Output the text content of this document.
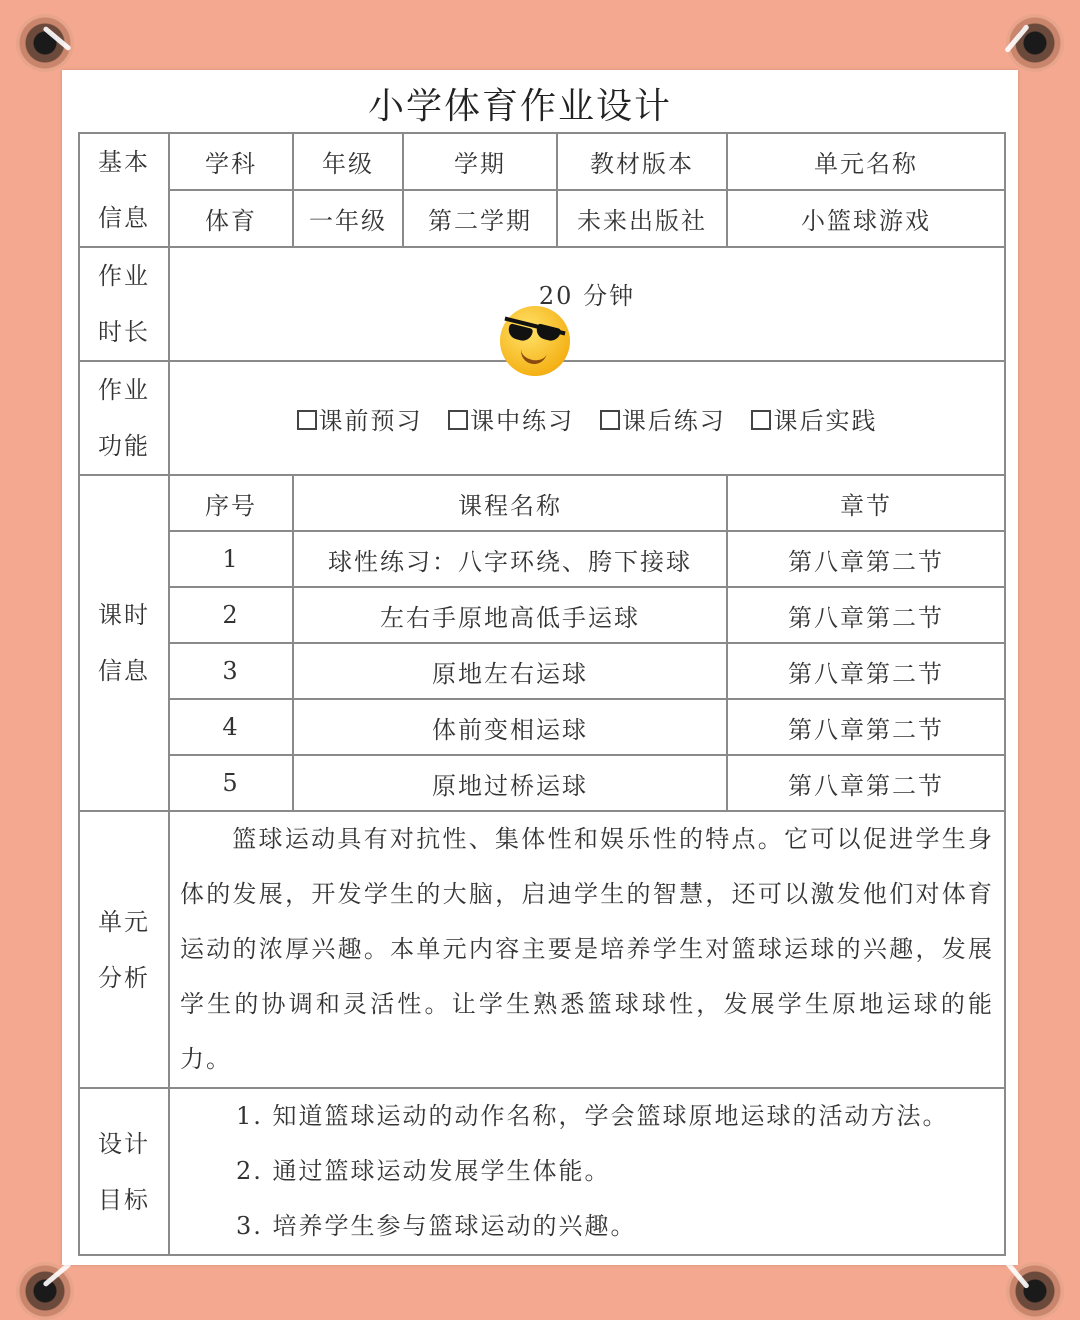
小学体育作业设计
基本
信息	学科	年级	学期	教材版本	单元名称
	体育	一年级	第二学期	未来出版社	小篮球游戏

作业
时长	20 分钟				

作业
功能	课前预习 课中练习 课后练习 课后实践				

课时
信息	序号	课程名称			章节
	1	球性练习：八字环绕、胯下接球			第八章第二节
	2	左右手原地高低手运球			第八章第二节
	3	原地左右运球			第八章第二节
	4	体前变相运球			第八章第二节
	5	原地过桥运球			第八章第二节

单元
分析	篮球运动具有对抗性、集体性和娱乐性的特点。它可以促进学生身体的发展，开发学生的大脑，启迪学生的智慧，还可以激发他们对体育运动的浓厚兴趣。本单元内容主要是培养学生对篮球运球的兴趣，发展学生的协调和灵活性。让学生熟悉篮球球性，发展学生原地运球的能力。				

设计
目标	1. 知道篮球运动的动作名称，学会篮球原地运球的活动方法。
2. 通过篮球运动发展学生体能。
3. 培养学生参与篮球运动的兴趣。				
